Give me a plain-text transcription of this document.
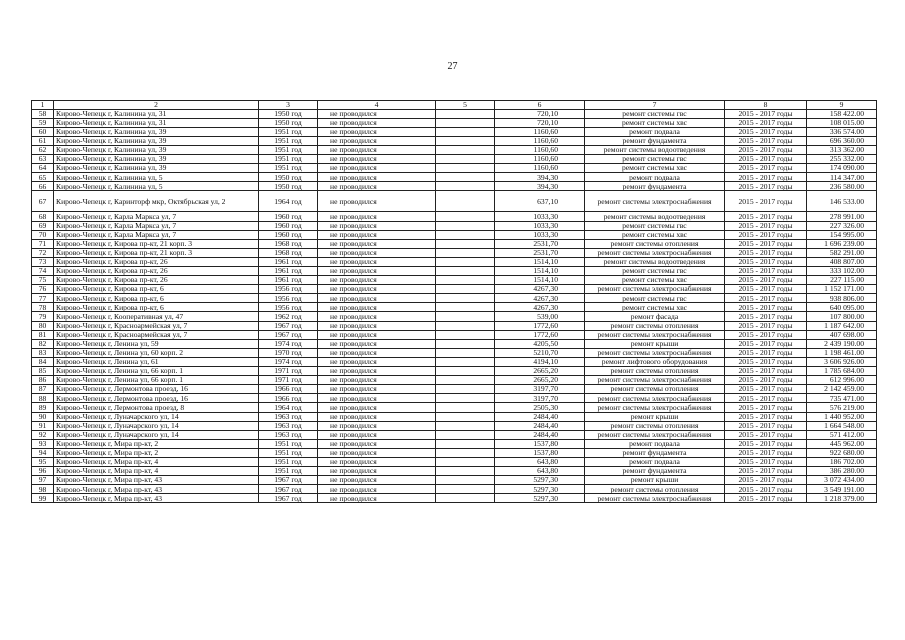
27
1	2	3	4	5	6	7	8	9
58	Кирово-Чепецк г, Калинина ул, 31	1950 год	не проводился		720,10	ремонт системы гвс	2015 - 2017 годы	158 422.00
59	Кирово-Чепецк г, Калинина ул, 31	1950 год	не проводился		720,10	ремонт системы хвс	2015 - 2017 годы	108 015.00
60	Кирово-Чепецк г, Калинина ул, 39	1951 год	не проводился		1160,60	ремонт подвала	2015 - 2017 годы	336 574.00
61	Кирово-Чепецк г, Калинина ул, 39	1951 год	не проводился		1160,60	ремонт фундамента	2015 - 2017 годы	696 360.00
62	Кирово-Чепецк г, Калинина ул, 39	1951 год	не проводился		1160,60	ремонт системы водоотведения	2015 - 2017 годы	313 362.00
63	Кирово-Чепецк г, Калинина ул, 39	1951 год	не проводился		1160,60	ремонт системы гвс	2015 - 2017 годы	255 332.00
64	Кирово-Чепецк г, Калинина ул, 39	1951 год	не проводился		1160,60	ремонт системы хвс	2015 - 2017 годы	174 090.00
65	Кирово-Чепецк г, Калинина ул, 5	1950 год	не проводился		394,30	ремонт подвала	2015 - 2017 годы	114 347.00
66	Кирово-Чепецк г, Калинина ул, 5	1950 год	не проводился		394,30	ремонт фундамента	2015 - 2017 годы	236 580.00
67	Кирово-Чепецк г, Каринторф мкр, Октябрьская ул, 2	1964 год	не проводился		637,10	ремонт системы электроснабжения	2015 - 2017 годы	146 533.00
68	Кирово-Чепецк г, Карла Маркса ул, 7	1960 год	не проводился		1033,30	ремонт системы водоотведения	2015 - 2017 годы	278 991.00
69	Кирово-Чепецк г, Карла Маркса ул, 7	1960 год	не проводился		1033,30	ремонт системы гвс	2015 - 2017 годы	227 326.00
70	Кирово-Чепецк г, Карла Маркса ул, 7	1960 год	не проводился		1033,30	ремонт системы хвс	2015 - 2017 годы	154 995.00
71	Кирово-Чепецк г, Кирова пр-кт, 21 корп. 3	1968 год	не проводился		2531,70	ремонт системы отопления	2015 - 2017 годы	1 696 239.00
72	Кирово-Чепецк г, Кирова пр-кт, 21 корп. 3	1968 год	не проводился		2531,70	ремонт системы электроснабжения	2015 - 2017 годы	582 291.00
73	Кирово-Чепецк г, Кирова пр-кт, 26	1961 год	не проводился		1514,10	ремонт системы водоотведения	2015 - 2017 годы	408 807.00
74	Кирово-Чепецк г, Кирова пр-кт, 26	1961 год	не проводился		1514,10	ремонт системы гвс	2015 - 2017 годы	333 102.00
75	Кирово-Чепецк г, Кирова пр-кт, 26	1961 год	не проводился		1514,10	ремонт системы хвс	2015 - 2017 годы	227 115.00
76	Кирово-Чепецк г, Кирова пр-кт, 6	1956 год	не проводился		4267,30	ремонт системы электроснабжения	2015 - 2017 годы	1 152 171.00
77	Кирово-Чепецк г, Кирова пр-кт, 6	1956 год	не проводился		4267,30	ремонт системы гвс	2015 - 2017 годы	938 806.00
78	Кирово-Чепецк г, Кирова пр-кт, 6	1956 год	не проводился		4267,30	ремонт системы хвс	2015 - 2017 годы	640 095.00
79	Кирово-Чепецк г, Кооперативная ул, 47	1962 год	не проводился		539,00	ремонт фасада	2015 - 2017 годы	107 800.00
80	Кирово-Чепецк г, Красноармейская ул, 7	1967 год	не проводился		1772,60	ремонт системы отопления	2015 - 2017 годы	1 187 642.00
81	Кирово-Чепецк г, Красноармейская ул, 7	1967 год	не проводился		1772,60	ремонт системы электроснабжения	2015 - 2017 годы	407 698.00
82	Кирово-Чепецк г, Ленина ул, 59	1974 год	не проводился		4205,50	ремонт крыши	2015 - 2017 годы	2 439 190.00
83	Кирово-Чепецк г, Ленина ул, 60 корп. 2	1970 год	не проводился		5210,70	ремонт системы электроснабжения	2015 - 2017 годы	1 198 461.00
84	Кирово-Чепецк г, Ленина ул, 61	1974 год	не проводился		4194,10	ремонт лифтового оборудования	2015 - 2017 годы	3 606 926.00
85	Кирово-Чепецк г, Ленина ул, 66 корп. 1	1971 год	не проводился		2665,20	ремонт системы отопления	2015 - 2017 годы	1 785 684.00
86	Кирово-Чепецк г, Ленина ул, 66 корп. 1	1971 год	не проводился		2665,20	ремонт системы электроснабжения	2015 - 2017 годы	612 996.00
87	Кирово-Чепецк г, Лермонтова проезд, 16	1966 год	не проводился		3197,70	ремонт системы отопления	2015 - 2017 годы	2 142 459.00
88	Кирово-Чепецк г, Лермонтова проезд, 16	1966 год	не проводился		3197,70	ремонт системы электроснабжения	2015 - 2017 годы	735 471.00
89	Кирово-Чепецк г, Лермонтова проезд, 8	1964 год	не проводился		2505,30	ремонт системы электроснабжения	2015 - 2017 годы	576 219.00
90	Кирово-Чепецк г, Луначарского ул, 14	1963 год	не проводился		2484,40	ремонт крыши	2015 - 2017 годы	1 440 952.00
91	Кирово-Чепецк г, Луначарского ул, 14	1963 год	не проводился		2484,40	ремонт системы отопления	2015 - 2017 годы	1 664 548.00
92	Кирово-Чепецк г, Луначарского ул, 14	1963 год	не проводился		2484,40	ремонт системы электроснабжения	2015 - 2017 годы	571 412.00
93	Кирово-Чепецк г, Мира пр-кт, 2	1951 год	не проводился		1537,80	ремонт подвала	2015 - 2017 годы	445 962.00
94	Кирово-Чепецк г, Мира пр-кт, 2	1951 год	не проводился		1537,80	ремонт фундамента	2015 - 2017 годы	922 680.00
95	Кирово-Чепецк г, Мира пр-кт, 4	1951 год	не проводился		643,80	ремонт подвала	2015 - 2017 годы	186 702.00
96	Кирово-Чепецк г, Мира пр-кт, 4	1951 год	не проводился		643,80	ремонт фундамента	2015 - 2017 годы	386 280.00
97	Кирово-Чепецк г, Мира пр-кт, 43	1967 год	не проводился		5297,30	ремонт крыши	2015 - 2017 годы	3 072 434.00
98	Кирово-Чепецк г, Мира пр-кт, 43	1967 год	не проводился		5297,30	ремонт системы отопления	2015 - 2017 годы	3 549 191.00
99	Кирово-Чепецк г, Мира пр-кт, 43	1967 год	не проводился		5297,30	ремонт системы электроснабжения	2015 - 2017 годы	1 218 379.00
